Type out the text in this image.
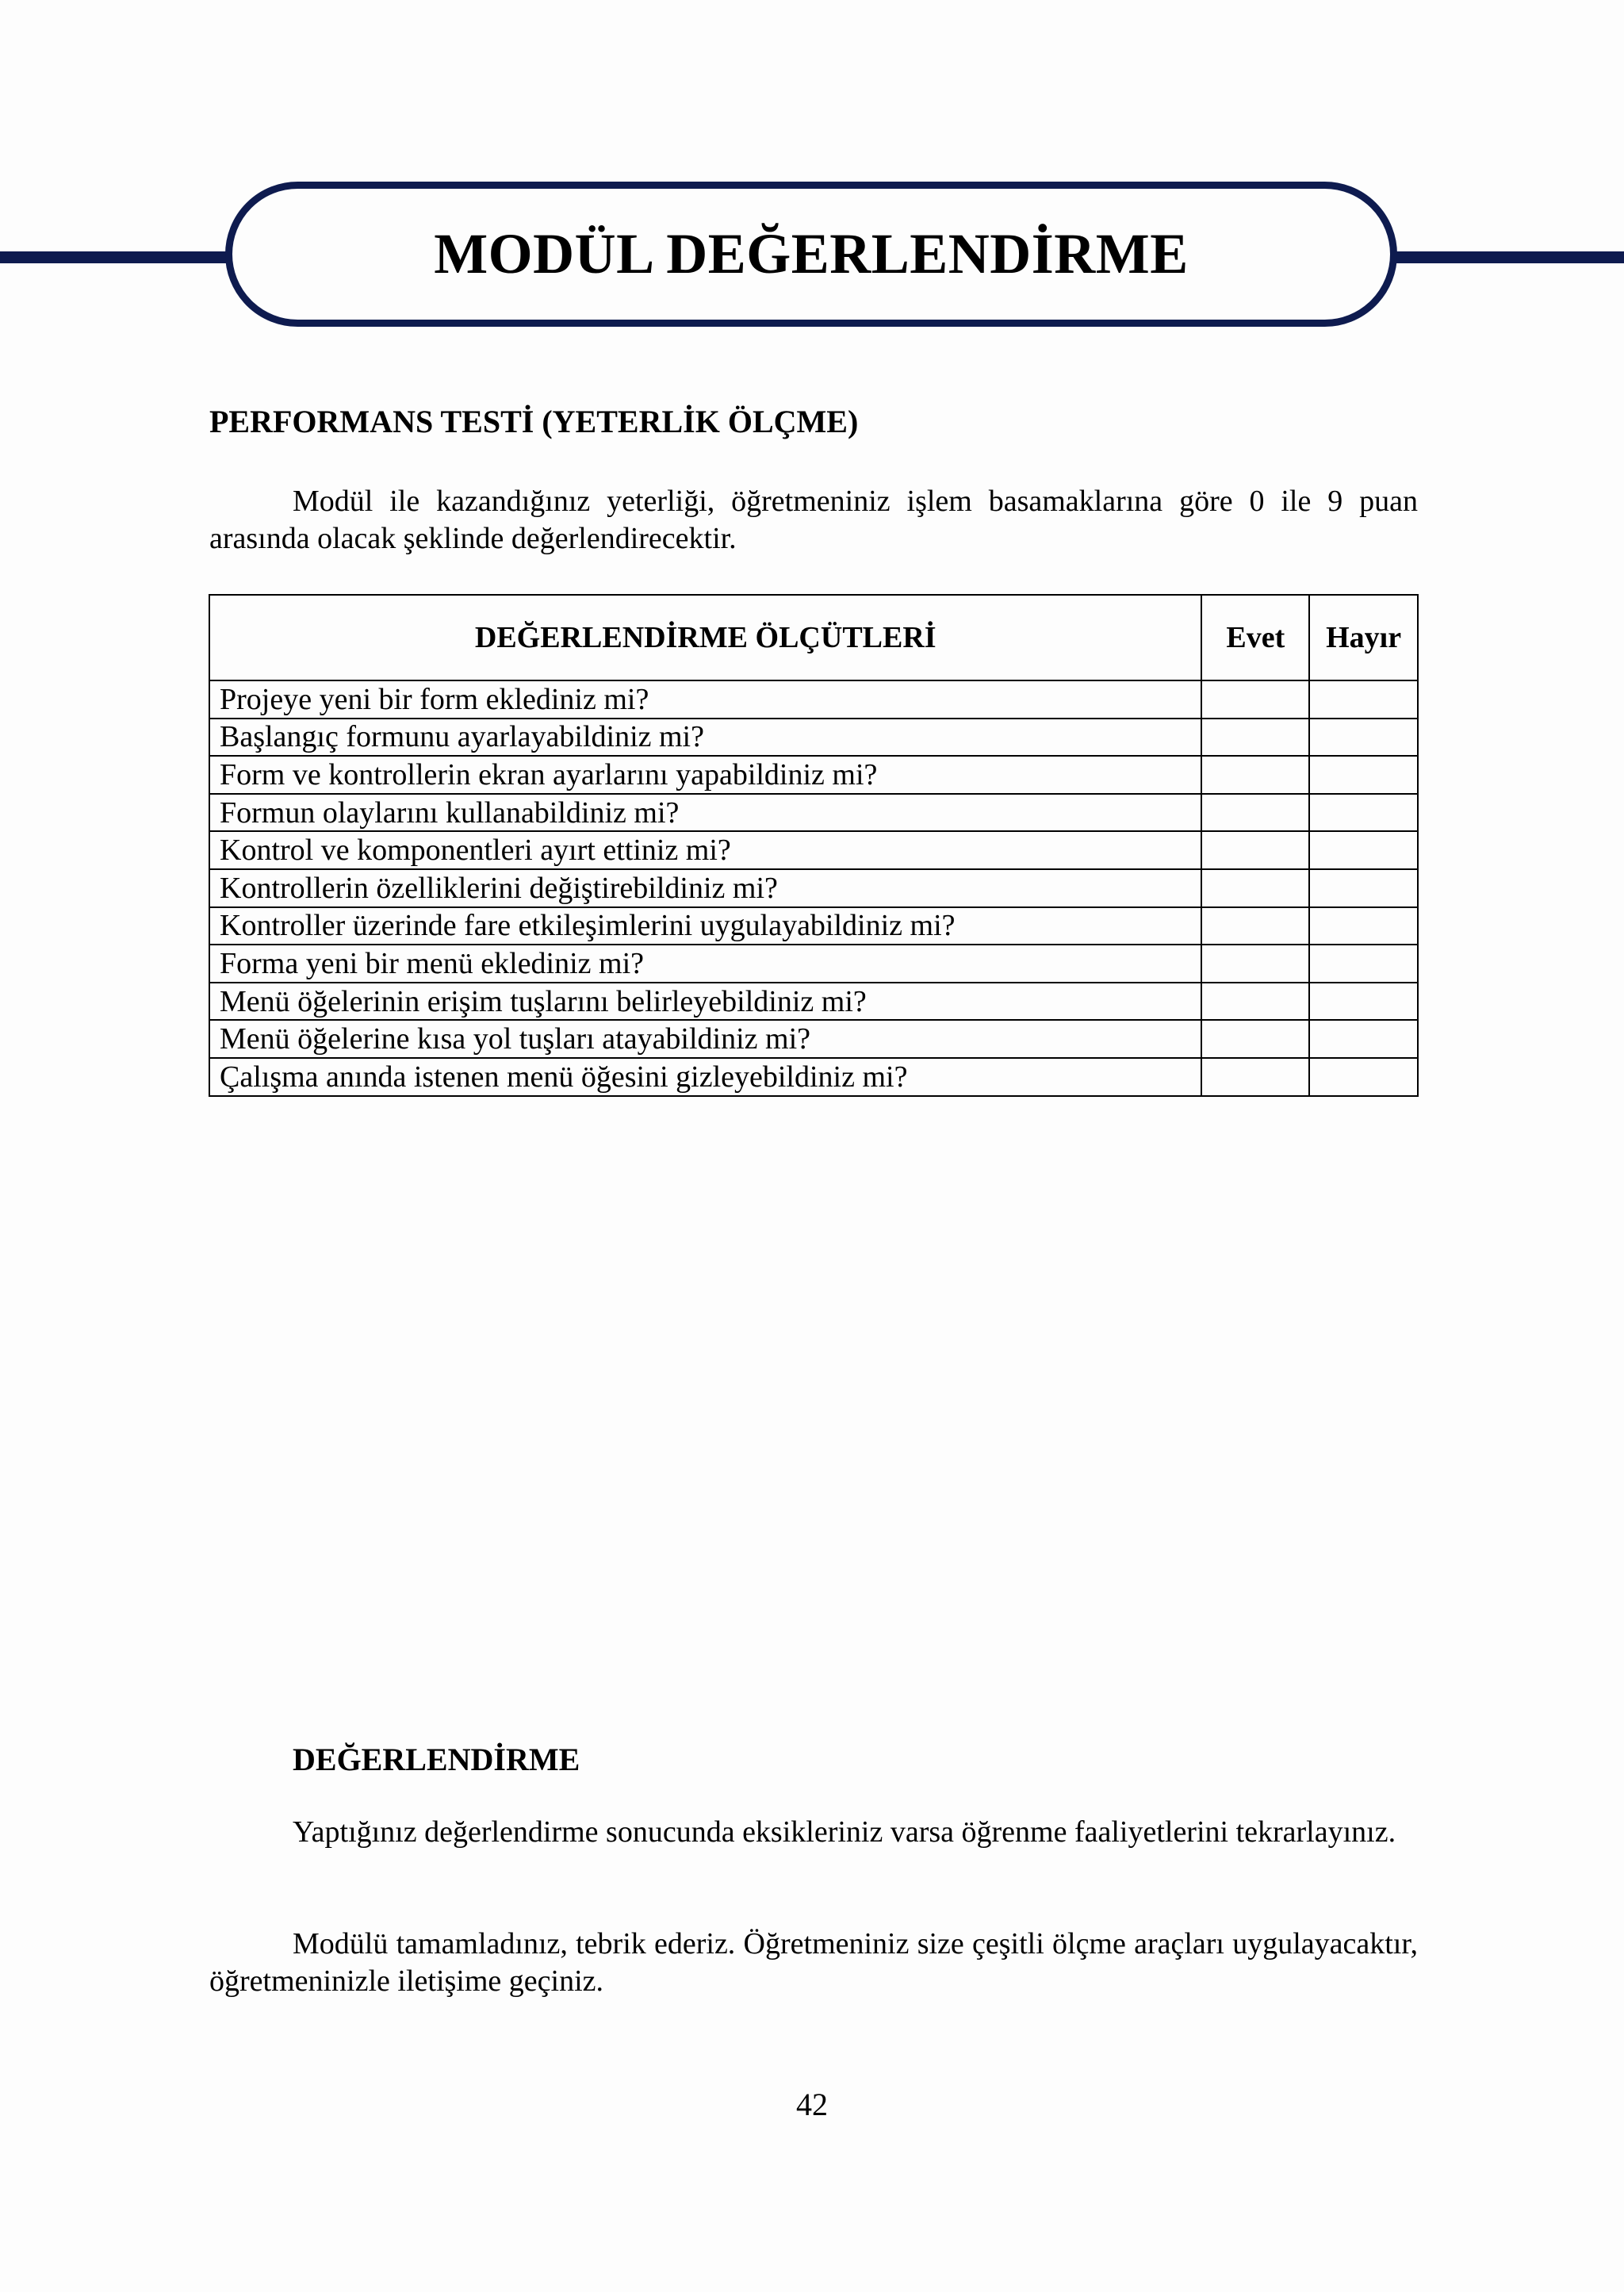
MODÜL DEĞERLENDİRME
PERFORMANS TESTİ (YETERLİK ÖLÇME)

Modül ile kazandığınız yeterliği, öğretmeniniz işlem basamaklarına göre 0 ile 9 puan arasında olacak şeklinde değerlendirecektir.

DEĞERLENDİRME ÖLÇÜTLERİ	Evet	Hayır
Projeye yeni bir form eklediniz mi?		
Başlangıç formunu ayarlayabildiniz mi?		
Form ve kontrollerin ekran ayarlarını yapabildiniz mi?		
Formun olaylarını kullanabildiniz mi?		
Kontrol ve komponentleri ayırt ettiniz mi?		
Kontrollerin özelliklerini değiştirebildiniz mi?		
Kontroller üzerinde fare etkileşimlerini uygulayabildiniz mi?		
Forma yeni bir menü eklediniz mi?		
Menü öğelerinin erişim tuşlarını belirleyebildiniz mi?		
Menü öğelerine kısa yol tuşları atayabildiniz mi?		
Çalışma anında istenen menü öğesini gizleyebildiniz mi?		
DEĞERLENDİRME

Yaptığınız değerlendirme sonucunda eksikleriniz varsa öğrenme faaliyetlerini tekrarlayınız.

Modülü tamamladınız, tebrik ederiz. Öğretmeniniz size çeşitli ölçme araçları uygulayacaktır, öğretmeninizle iletişime geçiniz.

42
